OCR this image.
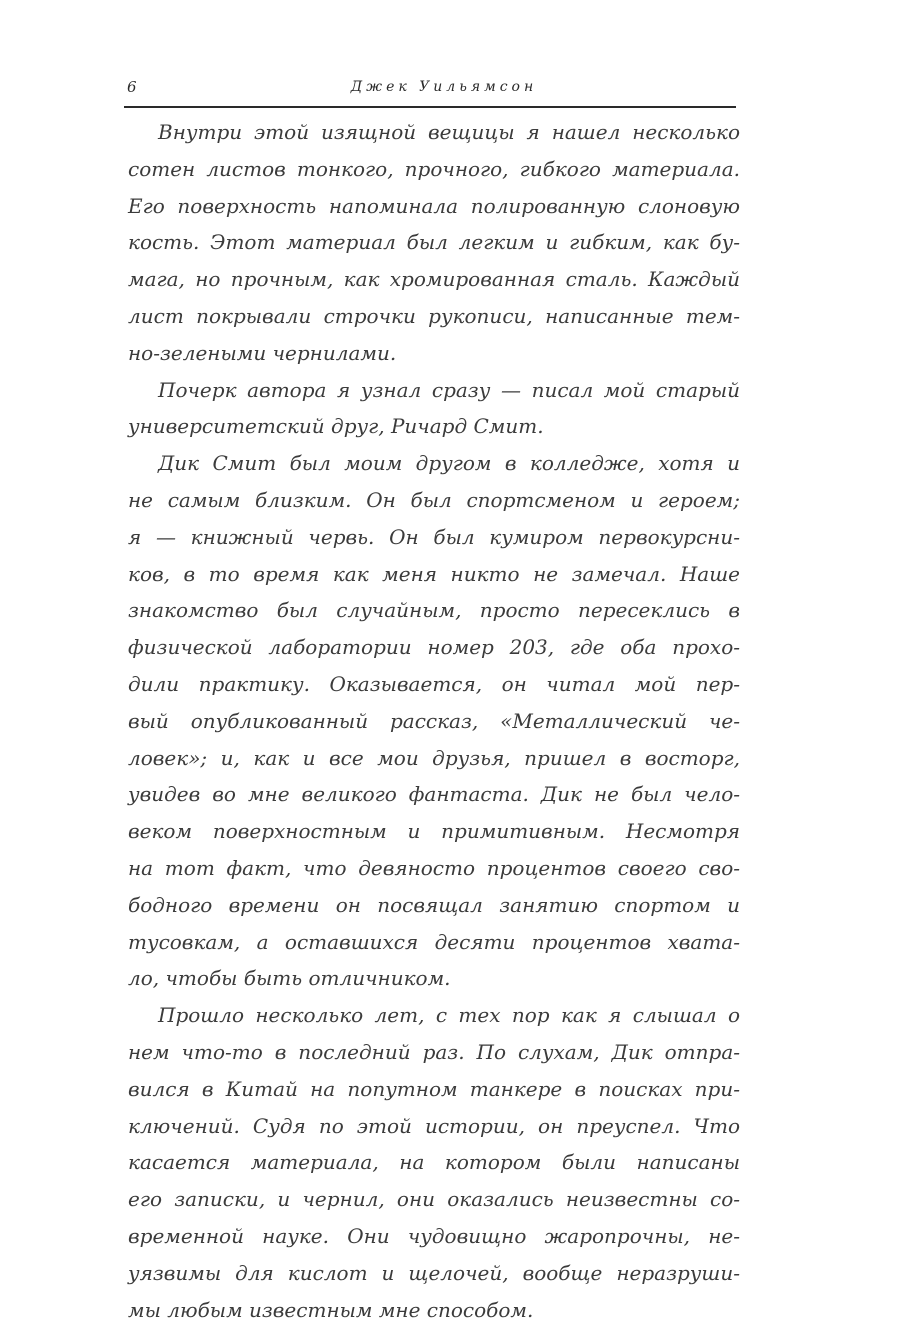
6	Джек Уильямсон
Внутри этой изящной вещицы я нашел несколько
сотен листов тонкого, прочного, гибкого материала.
Его поверхность напоминала полированную слоновую
кость. Этот материал был легким и гибким, как бу-
мага, но прочным, как хромированная сталь. Каждый
лист покрывали строчки рукописи, написанные тем-
но-зелеными чернилами.
Почерк автора я узнал сразу — писал мой старый
университетский друг, Ричард Смит.
Дик Смит был моим другом в колледже, хотя и
не самым близким. Он был спортсменом и героем;
я — книжный червь. Он был кумиром первокурсни-
ков, в то время как меня никто не замечал. Наше
знакомство был случайным, просто пересеклись в
физической лаборатории номер 203, где оба прохо-
дили практику. Оказывается, он читал мой пер-
вый опубликованный рассказ, «Металлический че-
ловек»; и, как и все мои друзья, пришел в восторг,
увидев во мне великого фантаста. Дик не был чело-
веком поверхностным и примитивным. Несмотря
на тот факт, что девяносто процентов своего сво-
бодного времени он посвящал занятию спортом и
тусовкам, а оставшихся десяти процентов хвата-
ло, чтобы быть отличником.
Прошло несколько лет, с тех пор как я слышал о
нем что-то в последний раз. По слухам, Дик отпра-
вился в Китай на попутном танкере в поисках при-
ключений. Судя по этой истории, он преуспел. Что
касается материала, на котором были написаны
его записки, и чернил, они оказались неизвестны со-
временной науке. Они чудовищно жаропрочны, не-
уязвимы для кислот и щелочей, вообще неразруши-
мы любым известным мне способом.
